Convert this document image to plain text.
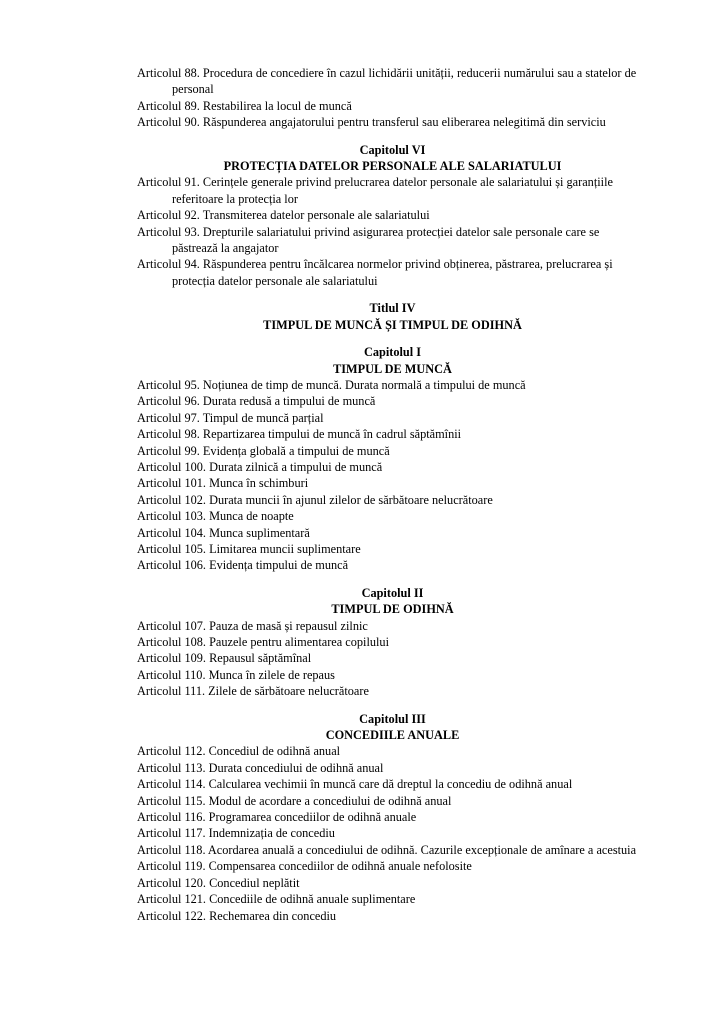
Articolul 88. Procedura de concediere în cazul lichidării unității, reducerii numărului sau a statelor de personal

Articolul 89. Restabilirea la locul de muncă

Articolul 90. Răspunderea angajatorului pentru transferul sau eliberarea nelegitimă din serviciu

Capitolul VI

PROTECȚIA DATELOR PERSONALE ALE SALARIATULUI

Articolul 91. Cerințele generale privind prelucrarea datelor personale ale salariatului și garanțiile referitoare la protecția lor

Articolul 92. Transmiterea datelor personale ale salariatului

Articolul 93. Drepturile salariatului privind asigurarea protecției datelor sale personale care se păstrează la angajator

Articolul 94. Răspunderea pentru încălcarea normelor privind obținerea, păstrarea, prelucrarea și protecția datelor personale ale salariatului

Titlul IV

TIMPUL DE MUNCĂ ȘI TIMPUL DE ODIHNĂ

Capitolul I

TIMPUL DE MUNCĂ

Articolul 95. Noțiunea de timp de muncă. Durata normală a timpului de muncă

Articolul 96. Durata redusă a timpului de muncă

Articolul 97. Timpul de muncă parțial

Articolul 98. Repartizarea timpului de muncă în cadrul săptămînii

Articolul 99. Evidența globală a timpului de muncă

Articolul 100. Durata zilnică a timpului de muncă

Articolul 101. Munca în schimburi

Articolul 102. Durata muncii în ajunul zilelor de sărbătoare nelucrătoare

Articolul 103. Munca de noapte

Articolul 104. Munca suplimentară

Articolul 105. Limitarea muncii suplimentare

Articolul 106. Evidența timpului de muncă

Capitolul II

TIMPUL DE ODIHNĂ

Articolul 107. Pauza de masă și repausul zilnic

Articolul 108. Pauzele pentru alimentarea copilului

Articolul 109. Repausul săptămînal

Articolul 110. Munca în zilele de repaus

Articolul 111. Zilele de sărbătoare nelucrătoare

Capitolul III

CONCEDIILE ANUALE

Articolul 112. Concediul de odihnă anual

Articolul 113. Durata concediului de odihnă anual

Articolul 114. Calcularea vechimii în muncă care dă dreptul la concediu de odihnă anual

Articolul 115. Modul de acordare a concediului de odihnă anual

Articolul 116. Programarea concediilor de odihnă anuale

Articolul 117. Indemnizația de concediu

Articolul 118. Acordarea anuală a concediului de odihnă. Cazurile excepționale de amînare a acestuia

Articolul 119. Compensarea concediilor de odihnă anuale nefolosite

Articolul 120. Concediul neplătit

Articolul 121. Concediile de odihnă anuale suplimentare

Articolul 122. Rechemarea din concediu
